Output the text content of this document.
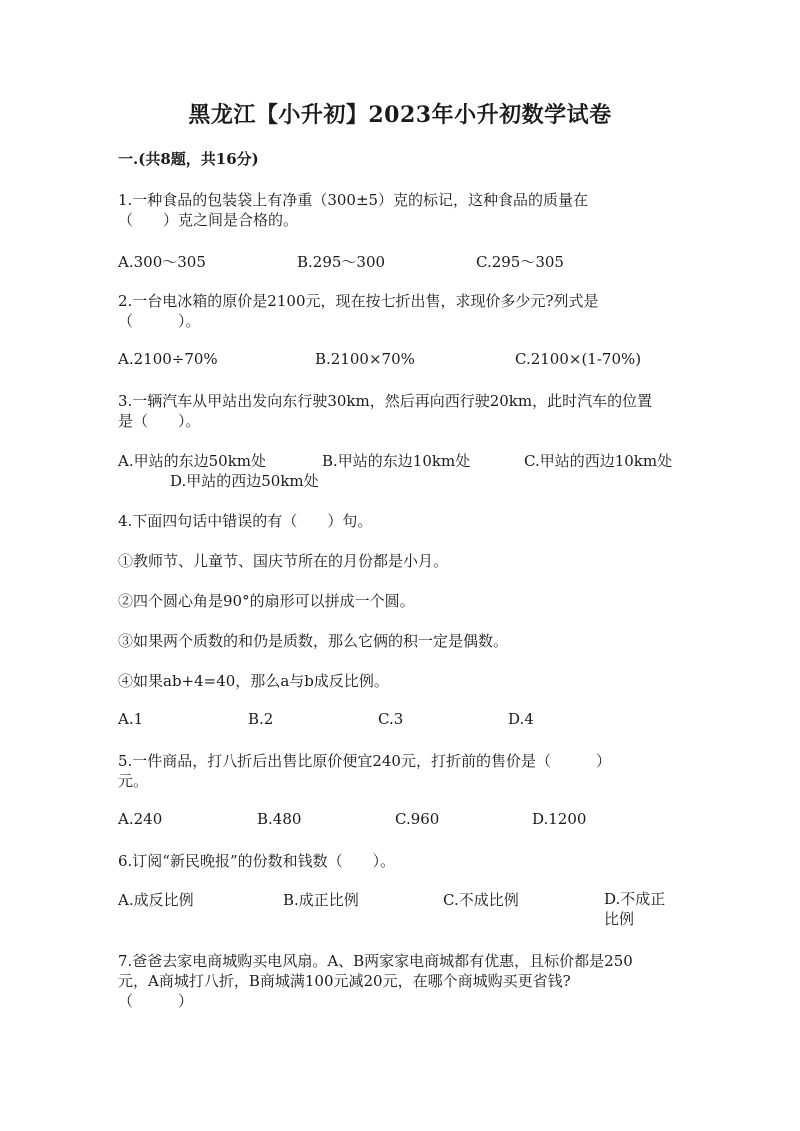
黑龙江【小升初】2023年小升初数学试卷
一.(共8题，共16分)
1.一种食品的包装袋上有净重（300±5）克的标记，这种食品的质量在
（　　）克之间是合格的。
A.300～305	B.295～300	C.295～305
2.一台电冰箱的原价是2100元，现在按七折出售，求现价多少元?列式是
（　　　）。
A.2100÷70%	B.2100×70%	C.2100×(1-70%)
3.一辆汽车从甲站出发向东行驶30km，然后再向西行驶20km，此时汽车的位置
是（　　）。
A.甲站的东边50km处	B.甲站的东边10km处	C.甲站的西边10km处
D.甲站的西边50km处
4.下面四句话中错误的有（　　）句。
①教师节、儿童节、国庆节所在的月份都是小月。
②四个圆心角是90°的扇形可以拼成一个圆。
③如果两个质数的和仍是质数，那么它俩的积一定是偶数。
④如果ab+4=40，那么a与b成反比例。
A.1	B.2	C.3	D.4
5.一件商品，打八折后出售比原价便宜240元，打折前的售价是（　　　）
元。
A.240	B.480	C.960	D.1200
6.订阅“新民晚报”的份数和钱数（　　）。
A.成反比例	B.成正比例	C.不成比例	D.不成正比例
7.爸爸去家电商城购买电风扇。A、B两家家电商城都有优惠，且标价都是250
元，A商城打八折，B商城满100元减20元，在哪个商城购买更省钱?
（　　　）
